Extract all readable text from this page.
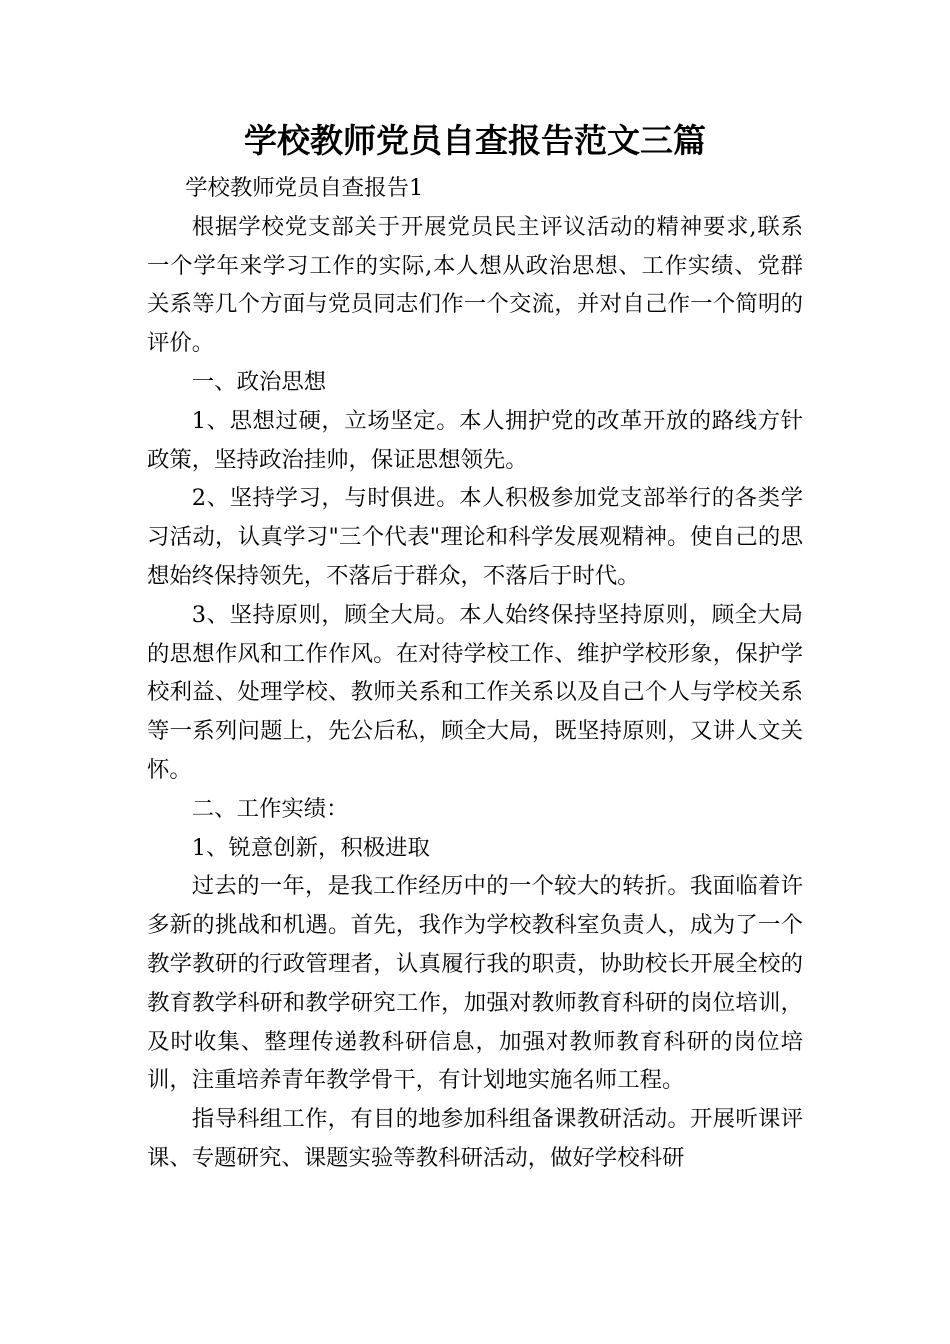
学校教师党员自查报告范文三篇

学校教师党员自查报告1

根据学校党支部关于开展党员民主评议活动的精神要求,联系一个学年来学习工作的实际,本人想从政治思想、工作实绩、党群关系等几个方面与党员同志们作一个交流，并对自己作一个简明的评价。

一、政治思想

1、思想过硬，立场坚定。本人拥护党的改革开放的路线方针政策，坚持政治挂帅，保证思想领先。

2、坚持学习，与时俱进。本人积极参加党支部举行的各类学习活动，认真学习"三个代表"理论和科学发展观精神。使自己的思想始终保持领先，不落后于群众，不落后于时代。

3、坚持原则，顾全大局。本人始终保持坚持原则，顾全大局的思想作风和工作作风。在对待学校工作、维护学校形象，保护学校利益、处理学校、教师关系和工作关系以及自己个人与学校关系等一系列问题上，先公后私，顾全大局，既坚持原则，又讲人文关怀。

二、工作实绩：

1、锐意创新，积极进取

过去的一年，是我工作经历中的一个较大的转折。我面临着许多新的挑战和机遇。首先，我作为学校教科室负责人，成为了一个教学教研的行政管理者，认真履行我的职责，协助校长开展全校的教育教学科研和教学研究工作，加强对教师教育科研的岗位培训，及时收集、整理传递教科研信息，加强对教师教育科研的岗位培训，注重培养青年教学骨干，有计划地实施名师工程。

指导科组工作，有目的地参加科组备课教研活动。开展听课评课、专题研究、课题实验等教科研活动，做好学校科研
